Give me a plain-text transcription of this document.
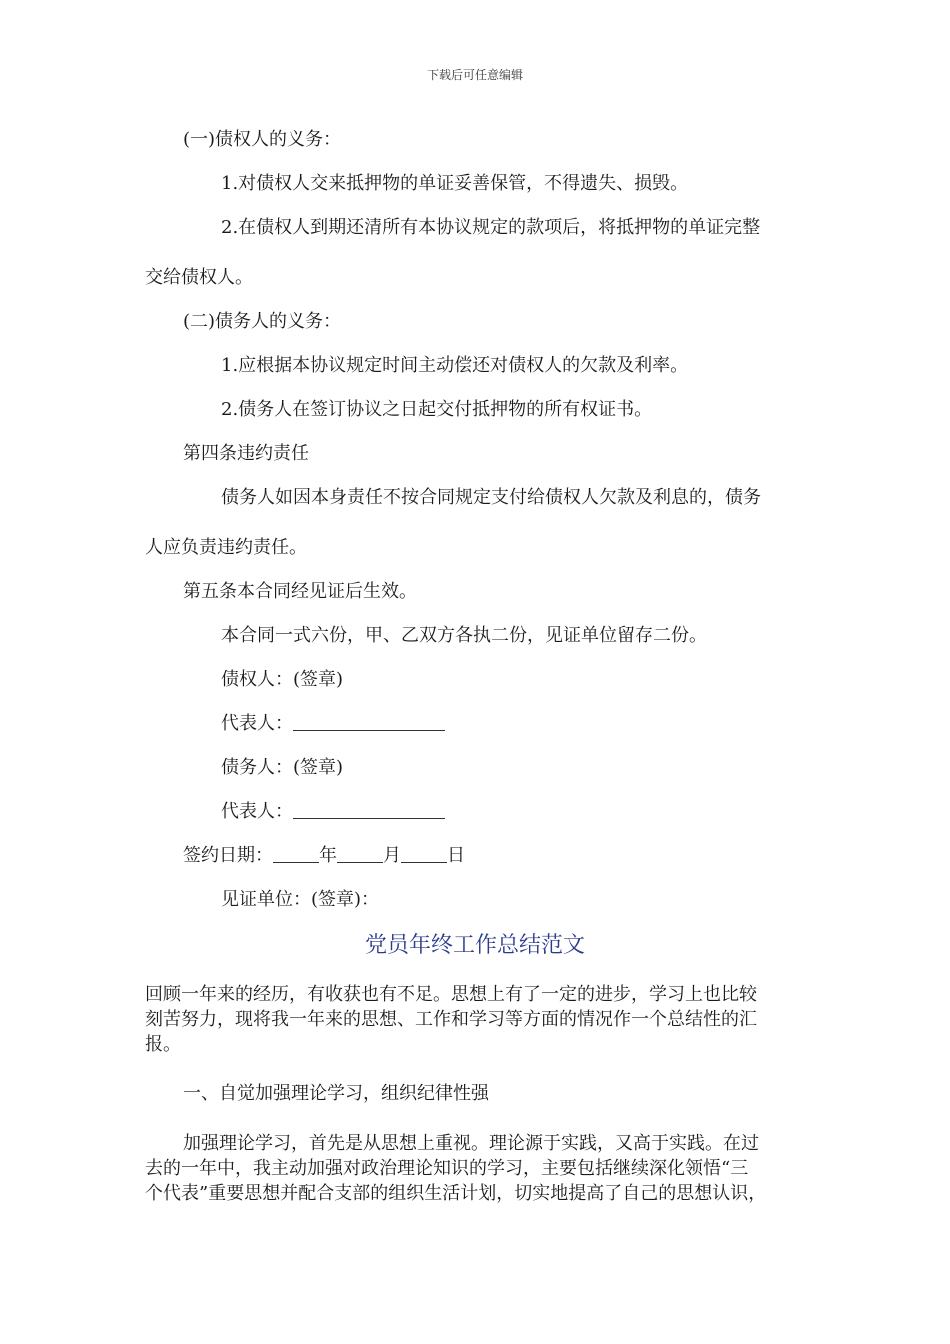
下载后可任意编辑
(一)债权人的义务：
1.对债权人交来抵押物的单证妥善保管，不得遗失、损毁。
2.在债权人到期还清所有本协议规定的款项后，将抵押物的单证完整
交给债权人。
(二)债务人的义务：
1.应根据本协议规定时间主动偿还对债权人的欠款及利率。
2.债务人在签订协议之日起交付抵押物的所有权证书。
第四条违约责任
债务人如因本身责任不按合同规定支付给债权人欠款及利息的，债务
人应负责违约责任。
第五条本合同经见证后生效。
本合同一式六份，甲、乙双方各执二份，见证单位留存二份。
债权人：(签章)
代表人：
债务人：(签章)
代表人：
签约日期：	年	月	日
见证单位：(签章)：
党员年终工作总结范文
回顾一年来的经历，有收获也有不足。思想上有了一定的进步，学习上也比较
刻苦努力，现将我一年来的思想、工作和学习等方面的情况作一个总结性的汇
报。
一、自觉加强理论学习，组织纪律性强
加强理论学习，首先是从思想上重视。理论源于实践，又高于实践。在过
去的一年中，我主动加强对政治理论知识的学习，主要包括继续深化领悟“三
个代表”重要思想并配合支部的组织生活计划，切实地提高了自己的思想认识，
